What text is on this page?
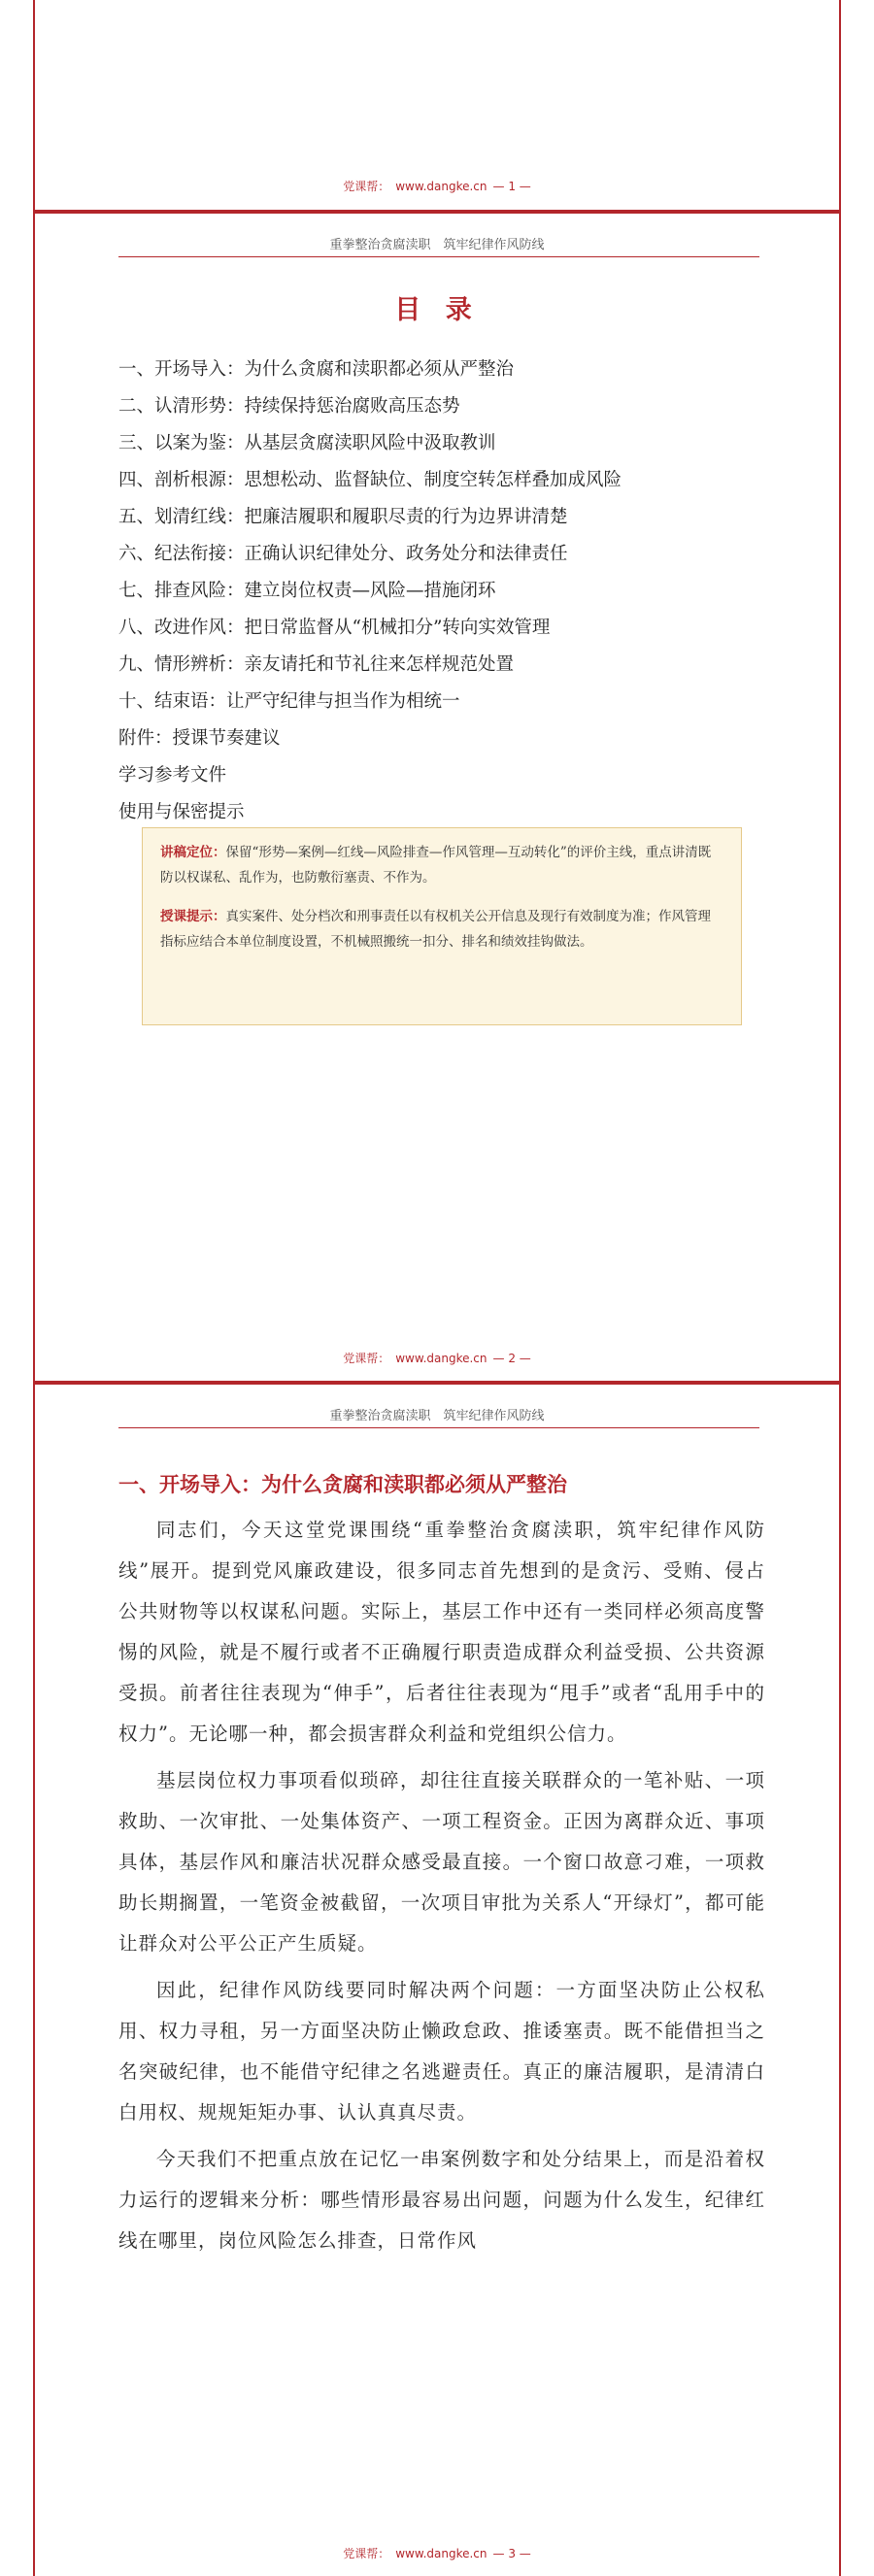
党课帮： www.dangke.cn — 1 —
重拳整治贪腐渎职　筑牢纪律作风防线
目 录
一、开场导入：为什么贪腐和渎职都必须从严整治
二、认清形势：持续保持惩治腐败高压态势
三、以案为鉴：从基层贪腐渎职风险中汲取教训
四、剖析根源：思想松动、监督缺位、制度空转怎样叠加成风险
五、划清红线：把廉洁履职和履职尽责的行为边界讲清楚
六、纪法衔接：正确认识纪律处分、政务处分和法律责任
七、排查风险：建立岗位权责—风险—措施闭环
八、改进作风：把日常监督从“机械扣分”转向实效管理
九、情形辨析：亲友请托和节礼往来怎样规范处置
十、结束语：让严守纪律与担当作为相统一
附件：授课节奏建议
学习参考文件
使用与保密提示

讲稿定位：保留“形势—案例—红线—风险排查—作风管理—互动转化”的评价主线，重点讲清既防以权谋私、乱作为，也防敷衍塞责、不作为。

授课提示：真实案件、处分档次和刑事责任以有权机关公开信息及现行有效制度为准；作风管理指标应结合本单位制度设置，不机械照搬统一扣分、排名和绩效挂钩做法。

党课帮： www.dangke.cn — 2 —
重拳整治贪腐渎职　筑牢纪律作风防线
一、开场导入：为什么贪腐和渎职都必须从严整治

同志们，今天这堂党课围绕“重拳整治贪腐渎职，筑牢纪律作风防线”展开。提到党风廉政建设，很多同志首先想到的是贪污、受贿、侵占公共财物等以权谋私问题。实际上，基层工作中还有一类同样必须高度警惕的风险，就是不履行或者不正确履行职责造成群众利益受损、公共资源受损。前者往往表现为“伸手”，后者往往表现为“甩手”或者“乱用手中的权力”。无论哪一种，都会损害群众利益和党组织公信力。

基层岗位权力事项看似琐碎，却往往直接关联群众的一笔补贴、一项救助、一次审批、一处集体资产、一项工程资金。正因为离群众近、事项具体，基层作风和廉洁状况群众感受最直接。一个窗口故意刁难，一项救助长期搁置，一笔资金被截留，一次项目审批为关系人“开绿灯”，都可能让群众对公平公正产生质疑。

因此，纪律作风防线要同时解决两个问题：一方面坚决防止公权私用、权力寻租，另一方面坚决防止懒政怠政、推诿塞责。既不能借担当之名突破纪律，也不能借守纪律之名逃避责任。真正的廉洁履职，是清清白白用权、规规矩矩办事、认认真真尽责。

今天我们不把重点放在记忆一串案例数字和处分结果上，而是沿着权力运行的逻辑来分析：哪些情形最容易出问题，问题为什么发生，纪律红线在哪里，岗位风险怎么排查，日常作风

党课帮： www.dangke.cn — 3 —
